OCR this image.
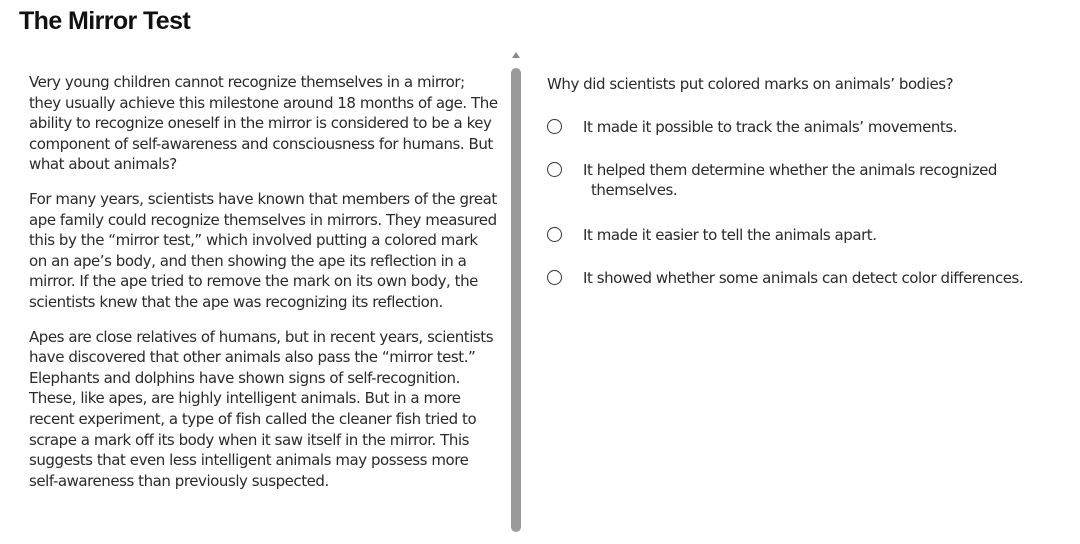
The Mirror Test

Very young children cannot recognize themselves in a mirror; they usually achieve this milestone around 18 months of age. The ability to recognize oneself in the mirror is considered to be a key component of self-awareness and consciousness for humans. But what about animals?

For many years, scientists have known that members of the great ape family could recognize themselves in mirrors. They measured this by the “mirror test,” which involved putting a colored mark on an ape’s body, and then showing the ape its reflection in a mirror. If the ape tried to remove the mark on its own body, the scientists knew that the ape was recognizing its reflection.

Apes are close relatives of humans, but in recent years, scientists have discovered that other animals also pass the “mirror test.” Elephants and dolphins have shown signs of self-recognition. These, like apes, are highly intelligent animals. But in a more recent experiment, a type of fish called the cleaner fish tried to scrape a mark off its body when it saw itself in the mirror. This suggests that even less intelligent animals may possess more self-awareness than previously suspected.

Why did scientists put colored marks on animals’ bodies?
It made it possible to track the animals’ movements.
It helped them determine whether the animals recognized themselves.
It made it easier to tell the animals apart.
It showed whether some animals can detect color differences.
